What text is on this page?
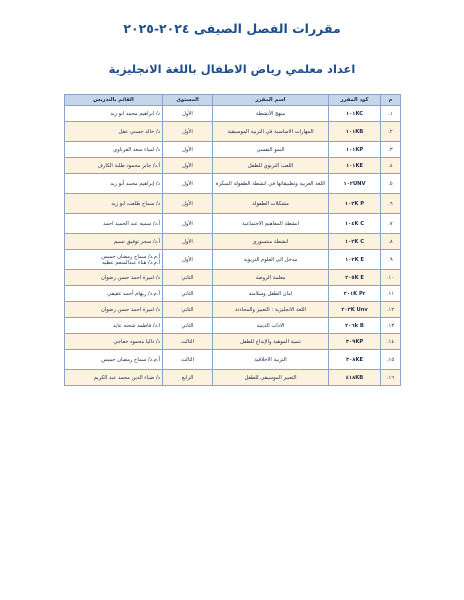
مقررات الفصل الصيفى ٢٠٢٤-٢٠٢٥
اعداد معلمي رياض الاطفال باللغة الانجليزية
م	كود المقرر	اسم المقرر	المستوى	القائم بالتدريس
١.	١٠١KC	منهج الأنشطة	الأول	د/ ابراهيم محمد ابو زيد
٢.	١٠١KB	المهارات الاساسية في التربية الموسيقية	الأول	د/ خالد حسني عقل
٣.	١٠١KP	النمو النفسي	الأول	د/ لمياء سعد القرناوي
٤.	١٠١KE	اللعب التربوي للطفل	الأول	أ.د/ جابر محمود طلبة الكارف
٥.	١٠٢UNV	اللغة العربية وتطبيقاتها في انشطة الطفولة المبكرة	الأول	د/ إبراهيم محمد أبو زيد
٦.	١٠٢K P	مشكلات الطفولة	الأول	د/ سماح طلعت ابو زيد
٧.	١٠٤K C	انشطة المفاهيم الاجتماعية	الأول	أ.د/ سميه عبد الحميد احمد
٨.	١٠٢K C	انشطة منتسوري	الأول	أ.د/ سحر توفيق نسيم
٩.	١٠٢K E	مدخل الى العلوم التربوية	الأول	أ.م.د/ سماح رمضان خميس
أ.م.د/ هناء عبدالمنعم عطيه
١٠.	٢٠٥K E	معلمة الروضة	الثاني	د/ اميرة احمد حسن رضوان
١١.	٢٠١K Pr	امان الطفل وسلامته	الثاني	أ.م.د/ ريهام أحمد عفيفي
١٢.	٢٠٣K Unv	اللغة الانجليزية : التعبير والمحادثة	الثاني	د/ اميرة احمد حسن رضوان
١٣.	٢٠٦k B	الاداب الدينية	الثاني	ا.د/ فاطمه شحته عايد
١٤.	٣٠٩KP	تنمية الموهبة والإبداع للطفل	الثالث	د/ داليا محمود خفاجي
١٥.	٣٠٨KE	التربية الاخلاقية	الثالث	أ.م.د/ سماح رمضان خميس
١٦.	٤١٨KB	التعبير الموسيقي للطفل	الرابع	د/ ضياء الدين محمد عبد الكريم
